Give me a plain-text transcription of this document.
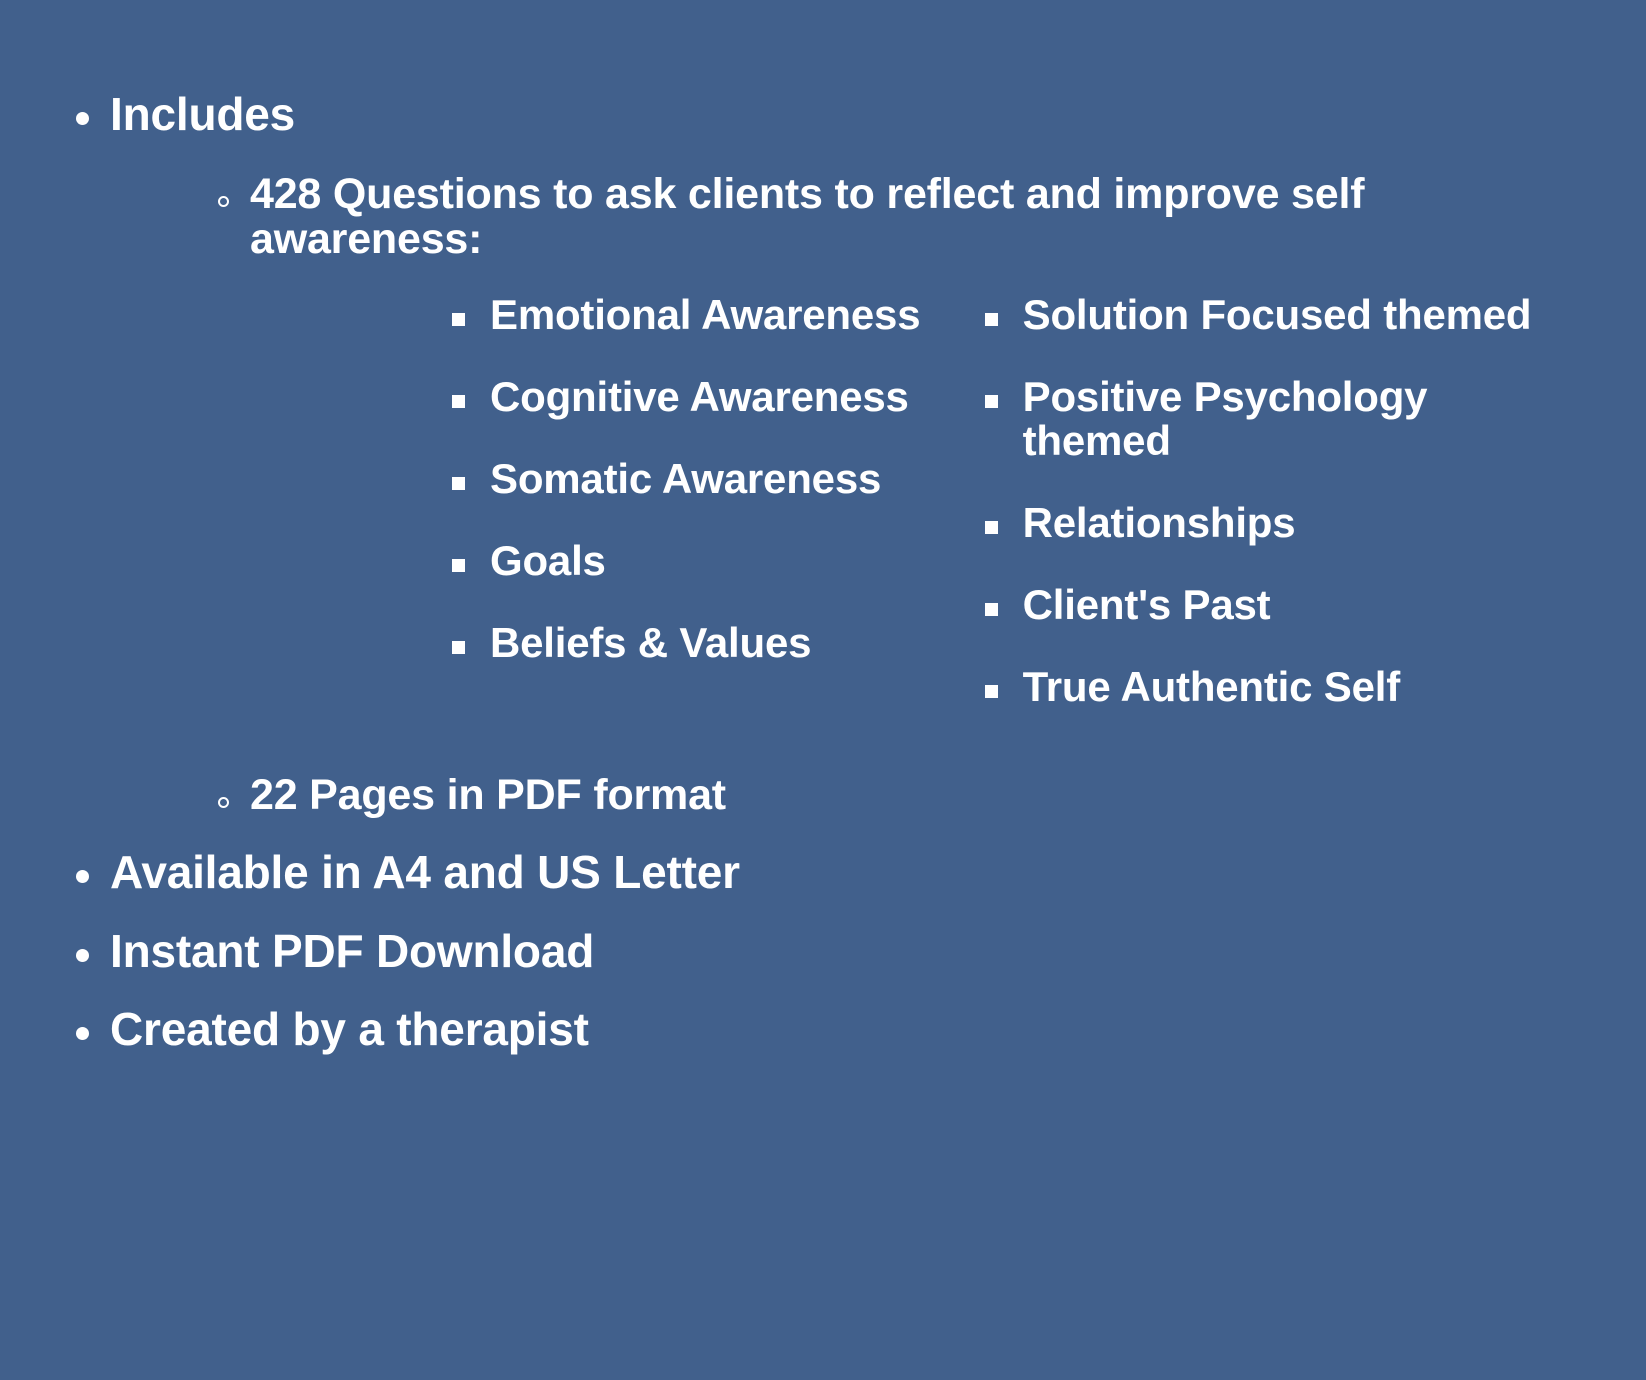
Includes
428 Questions to ask clients to reflect and improve self awareness:
Emotional Awareness
Cognitive Awareness
Somatic Awareness
Goals
Beliefs & Values
Solution Focused themed
Positive Psychology themed
Relationships
Client's Past
True Authentic Self
22 Pages in PDF format
Available in A4 and US Letter
Instant PDF Download
Created by a therapist
